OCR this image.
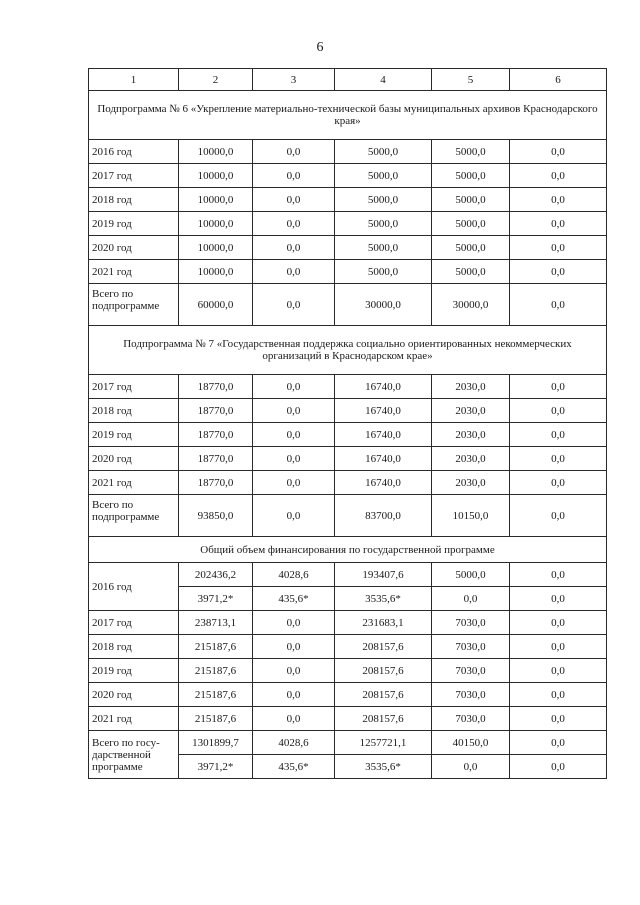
6
1	2	3	4	5	6
Подпрограмма № 6 «Укрепление материально-технической базы муниципальных архивов Краснодарского края»					
2016 год	10000,0	0,0	5000,0	5000,0	0,0
2017 год	10000,0	0,0	5000,0	5000,0	0,0
2018 год	10000,0	0,0	5000,0	5000,0	0,0
2019 год	10000,0	0,0	5000,0	5000,0	0,0
2020 год	10000,0	0,0	5000,0	5000,0	0,0
2021 год	10000,0	0,0	5000,0	5000,0	0,0
Всего по подпрограмме	60000,0	0,0	30000,0	30000,0	0,0
Подпрограмма № 7 «Государственная поддержка социально ориентированных некоммерческих организаций в Краснодарском крае»					
2017 год	18770,0	0,0	16740,0	2030,0	0,0
2018 год	18770,0	0,0	16740,0	2030,0	0,0
2019 год	18770,0	0,0	16740,0	2030,0	0,0
2020 год	18770,0	0,0	16740,0	2030,0	0,0
2021 год	18770,0	0,0	16740,0	2030,0	0,0
Всего по подпрограмме	93850,0	0,0	83700,0	10150,0	0,0
Общий объем финансирования по государственной программе					
2016 год	202436,2	4028,6	193407,6	5000,0	0,0
	3971,2*	435,6*	3535,6*	0,0	0,0
2017 год	238713,1	0,0	231683,1	7030,0	0,0
2018 год	215187,6	0,0	208157,6	7030,0	0,0
2019 год	215187,6	0,0	208157,6	7030,0	0,0
2020 год	215187,6	0,0	208157,6	7030,0	0,0
2021 год	215187,6	0,0	208157,6	7030,0	0,0
Всего по госу-дарственной программе	1301899,7	4028,6	1257721,1	40150,0	0,0
	3971,2*	435,6*	3535,6*	0,0	0,0
